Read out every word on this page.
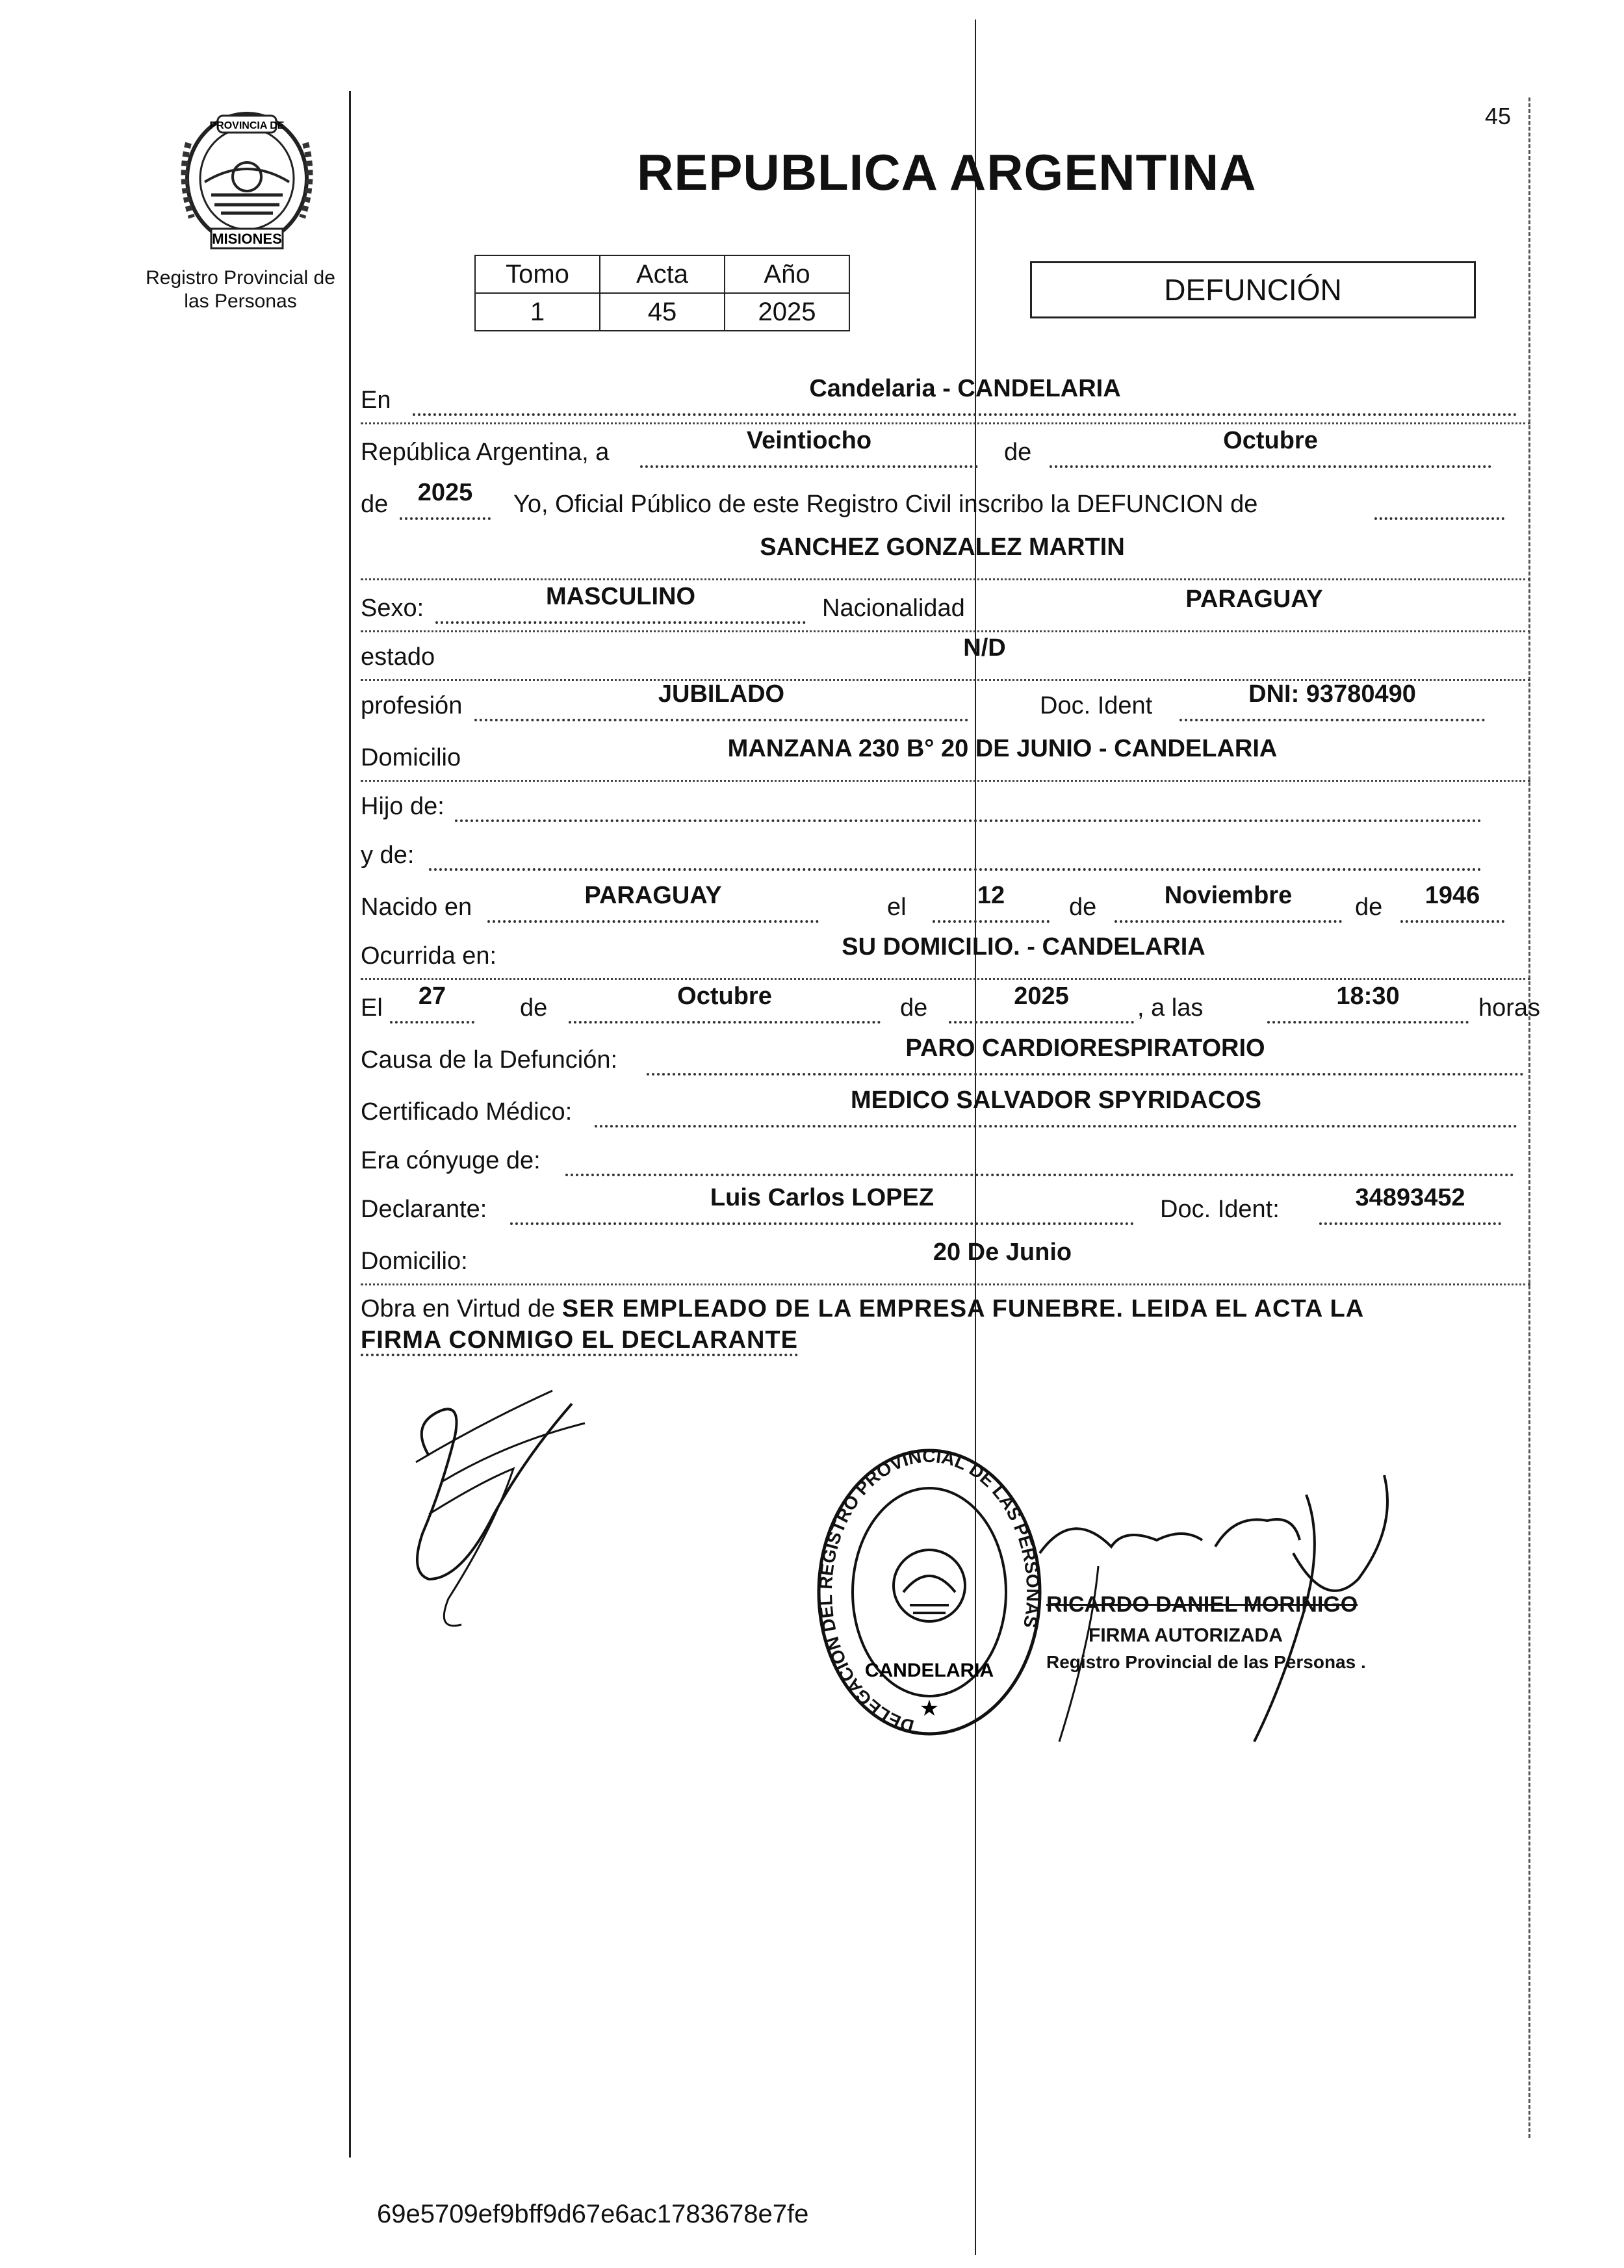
45
PROVINCIA DE
MISIONES
Registro Provincial de
las Personas
REPUBLICA ARGENTINA
Tomo	Acta	Año
1	45	2025
DEFUNCIÓN
En	Candelaria - CANDELARIA
República Argentina, a	Veintiocho	de	Octubre
de	2025	Yo, Oficial Público de este Registro Civil inscribo la DEFUNCION de
SANCHEZ GONZALEZ MARTIN
Sexo:	MASCULINO	Nacionalidad	PARAGUAY
estado	N/D
profesión	JUBILADO	Doc. Ident	DNI: 93780490
Domicilio	MANZANA 230 B° 20 DE JUNIO - CANDELARIA
Hijo de:
y de:
Nacido en	PARAGUAY	el	12	de	Noviembre	de	1946
Ocurrida en:	SU DOMICILIO. - CANDELARIA
El	27	de	Octubre	de	2025	, a las	18:30	horas
Causa de la Defunción:	PARO CARDIORESPIRATORIO
Certificado Médico:	MEDICO SALVADOR SPYRIDACOS
Era cónyuge de:
Declarante:	Luis Carlos LOPEZ	Doc. Ident:	34893452
Domicilio:	20 De Junio
Obra en Virtud de SER EMPLEADO DE LA EMPRESA FUNEBRE. LEIDA EL ACTA LA
FIRMA CONMIGO EL DECLARANTE
DELEGACION DEL REGISTRO PROVINCIAL DE LAS PERSONAS
CANDELARIA
★
RICARDO DANIEL MORINIGO
FIRMA AUTORIZADA
Registro Provincial de las Personas .
69e5709ef9bff9d67e6ac1783678e7fe
